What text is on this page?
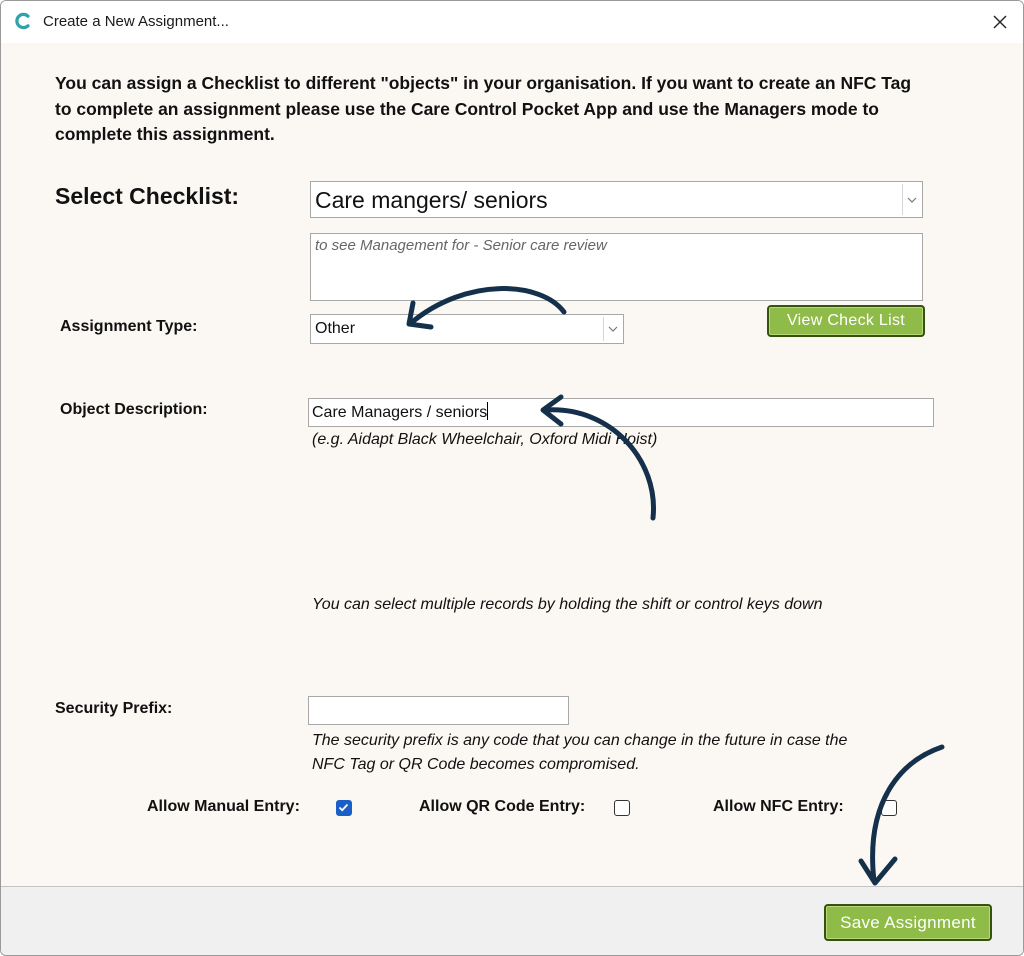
Create a New Assignment...
You can assign a Checklist to different "objects" in your organisation. If you want to create an NFC Tag to complete an assignment please use the Care Control Pocket App and use the Managers mode to complete this assignment.
Select Checklist:	Care mangers/ seniors
to see Management for - Senior care review
View Check List
Assignment Type:	Other
Object Description:	Care Managers / seniors
(e.g. Aidapt Black Wheelchair, Oxford Midi Hoist)
You can select multiple records by holding the shift or control keys down
Security Prefix:
The security prefix is any code that you can change in the future in case the
NFC Tag or QR Code becomes compromised.
Allow Manual Entry:	Allow QR Code Entry:	Allow NFC Entry:
Save Assignment
